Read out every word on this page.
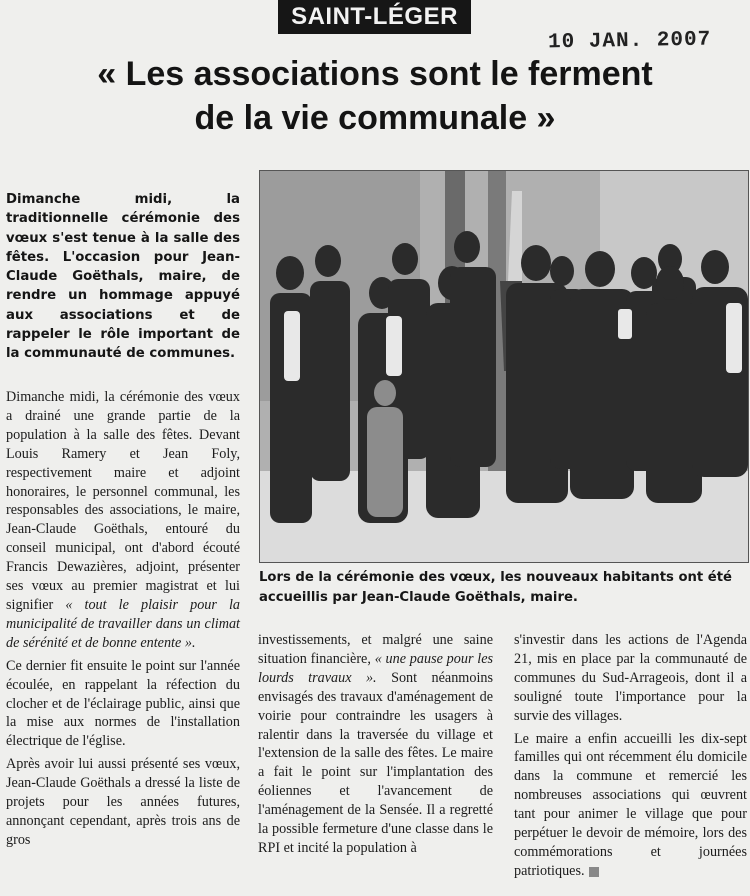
SAINT-LÉGER
10 JAN. 2007
« Les associations sont le ferment
de la vie communale »

Dimanche midi, la traditionnelle cérémonie des vœux s'est tenue à la salle des fêtes. L'occasion pour Jean-Claude Goëthals, maire, de rendre un hommage appuyé aux associations et de rappeler le rôle important de la communauté de communes.

Dimanche midi, la cérémonie des vœux a drainé une grande partie de la population à la salle des fêtes. Devant Louis Ramery et Jean Foly, respectivement maire et adjoint honoraires, le personnel communal, les responsables des associations, le maire, Jean-Claude Goëthals, entouré du conseil municipal, ont d'abord écouté Francis Dewazières, adjoint, présenter ses vœux au premier magistrat et lui signifier « tout le plaisir pour la municipalité de travailler dans un climat de sérénité et de bonne entente ».

Ce dernier fit ensuite le point sur l'année écoulée, en rappelant la réfection du clocher et de l'éclairage public, ainsi que la mise aux normes de l'installation électrique de l'église.

Après avoir lui aussi présenté ses vœux, Jean-Claude Goëthals a dressé la liste de projets pour les années futures, annonçant cependant, après trois ans de gros

Lors de la cérémonie des vœux, les nouveaux habitants ont été accueillis par Jean-Claude Goëthals, maire.

investissements, et malgré une saine situation financière, « une pause pour les lourds travaux ». Sont néanmoins envisagés des travaux d'aménagement de voirie pour contraindre les usagers à ralentir dans la traversée du village et l'extension de la salle des fêtes. Le maire a fait le point sur l'implantation des éoliennes et l'avancement de l'aménagement de la Sensée. Il a regretté la possible fermeture d'une classe dans le RPI et incité la population à

s'investir dans les actions de l'Agenda 21, mis en place par la communauté de communes du Sud-Arrageois, dont il a souligné toute l'importance pour la survie des villages.

Le maire a enfin accueilli les dix-sept familles qui ont récemment élu domicile dans la commune et remercié les nombreuses associations qui œuvrent tant pour animer le village que pour perpétuer le devoir de mémoire, lors des commémorations et journées patriotiques.
